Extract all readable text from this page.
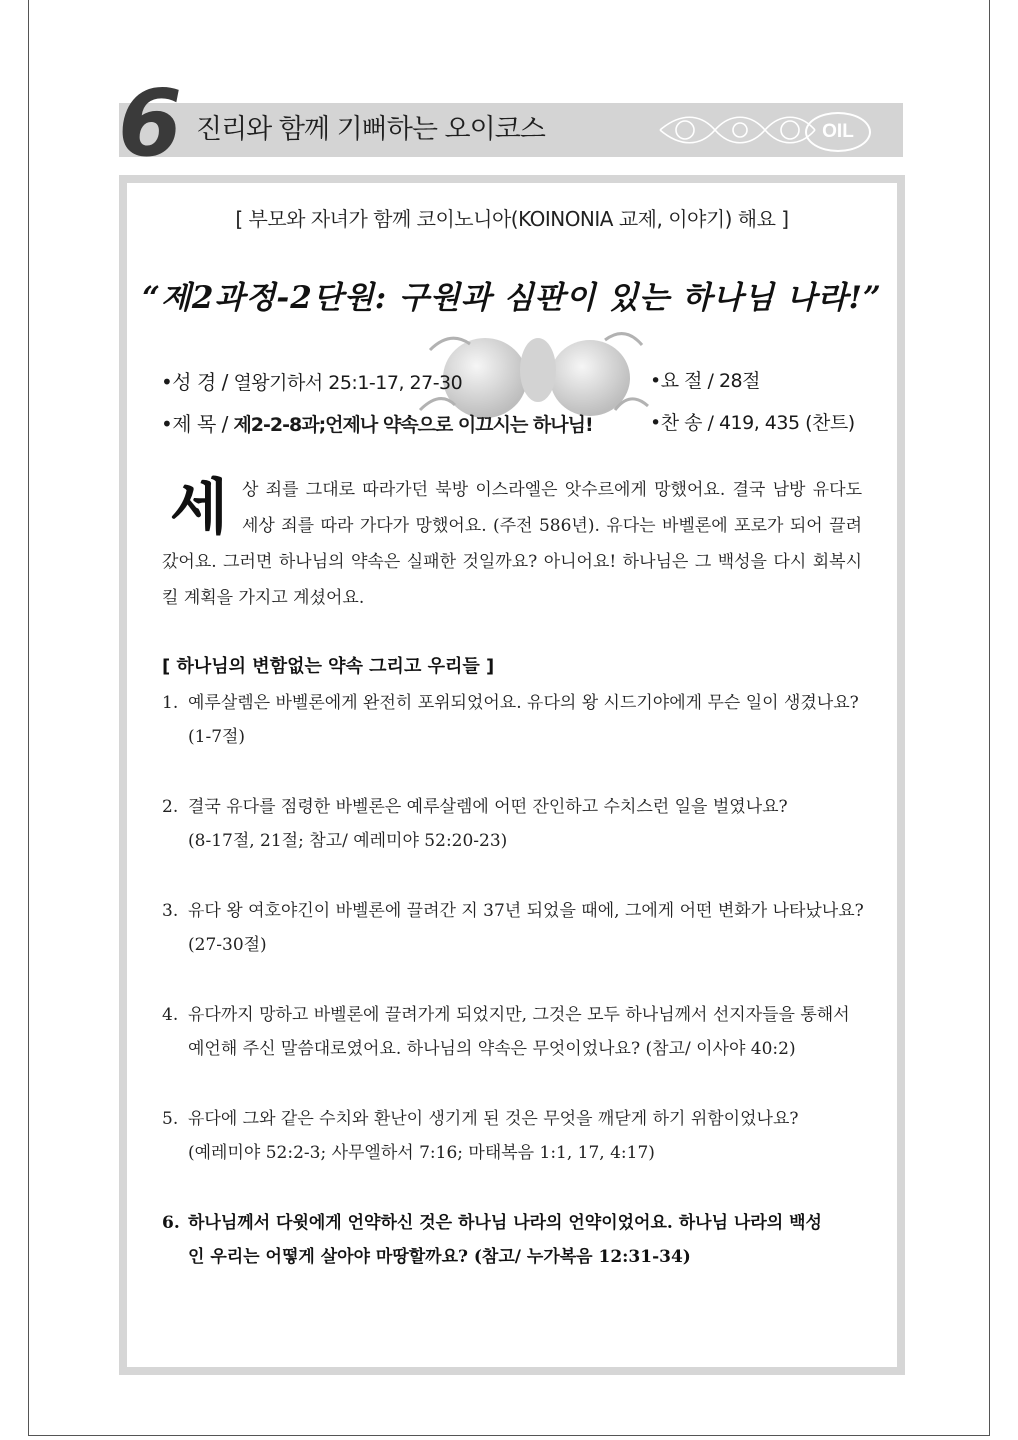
6 진리와 함께 기뻐하는 오이코스	OIL
[ 부모와 자녀가 함께 코이노니아(KOINONIA 교제, 이야기) 해요 ]
“제2과정-2단원: 구원과 심판이 있는 하나님 나라!”
•성 경 / 열왕기하서 25:1-17, 27-30	•요 절 / 28절
•제 목 / 제2-2-8과;언제나 약속으로 이끄시는 하나님!	•찬 송 / 419, 435 (찬트)
세 상 죄를 그대로 따라가던 북방 이스라엘은 앗수르에게 망했어요. 결국 남방 유다도 세상 죄를 따라 가다가 망했어요. (주전 586년). 유다는 바벨론에 포로가 되어 끌려갔어요. 그러면 하나님의 약속은 실패한 것일까요? 아니어요! 하나님은 그 백성을 다시 회복시킬 계획을 가지고 계셨어요.
[ 하나님의 변함없는 약속 그리고 우리들 ]
1. 예루살렘은 바벨론에게 완전히 포위되었어요. 유다의 왕 시드기야에게 무슨 일이 생겼나요?
(1-7절)
2. 결국 유다를 점령한 바벨론은 예루살렘에 어떤 잔인하고 수치스런 일을 벌였나요?
(8-17절, 21절; 참고/ 예레미야 52:20-23)
3. 유다 왕 여호야긴이 바벨론에 끌려간 지 37년 되었을 때에, 그에게 어떤 변화가 나타났나요?
(27-30절)
4. 유다까지 망하고 바벨론에 끌려가게 되었지만, 그것은 모두 하나님께서 선지자들을 통해서
예언해 주신 말씀대로였어요. 하나님의 약속은 무엇이었나요? (참고/ 이사야 40:2)
5. 유다에 그와 같은 수치와 환난이 생기게 된 것은 무엇을 깨닫게 하기 위함이었나요?
(예레미야 52:2-3; 사무엘하서 7:16; 마태복음 1:1, 17, 4:17)
6. 하나님께서 다윗에게 언약하신 것은 하나님 나라의 언약이었어요. 하나님 나라의 백성
인 우리는 어떻게 살아야 마땅할까요? (참고/ 누가복음 12:31-34)
